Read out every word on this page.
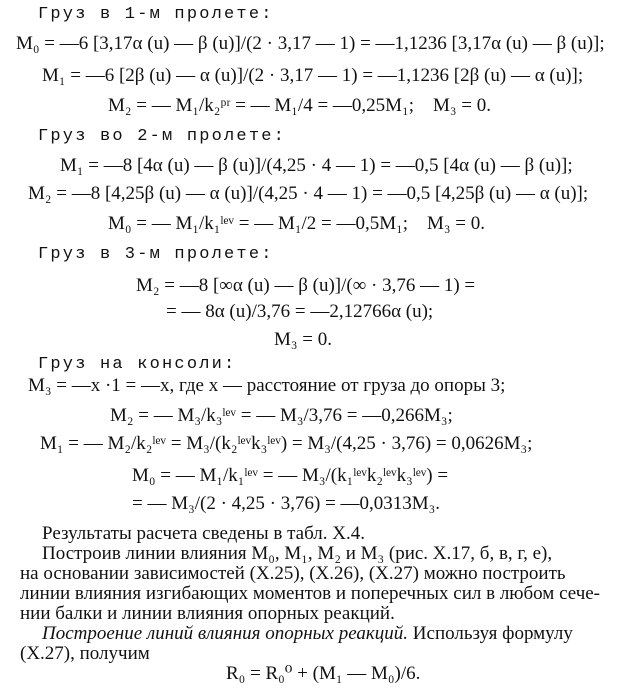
Груз в 1-м пролете:
M₀ = —6 [3,17α (u) — β (u)]/(2 · 3,17 — 1) = —1,1236 [3,17α (u) — β (u)];
M₁ = —6 [2β (u) — α (u)]/(2 · 3,17 — 1) = —1,1236 [2β (u) — α (u)];
M₂ = — M₁/k₂ᵖʳ = — M₁/4 = —0,25M₁;    M₃ = 0.
Груз во 2-м пролете:
M₁ = —8 [4α (u) — β (u)]/(4,25 · 4 — 1) = —0,5 [4α (u) — β (u)];
M₂ = —8 [4,25β (u) — α (u)]/(4,25 · 4 — 1) = —0,5 [4,25β (u) — α (u)];
M₀ = — M₁/k₁ˡᵉᵛ = — M₁/2 = —0,5M₁;    M₃ = 0.
Груз в 3-м пролете:
M₂ = —8 [∞α (u) — β (u)]/(∞ · 3,76 — 1) =
= — 8α (u)/3,76 = —2,12766α (u);
M₃ = 0.
Груз на консоли:
M₃ = —x ·1 = —x, где x — расстояние от груза до опоры 3;
M₂ = — M₃/k₃ˡᵉᵛ = — M₃/3,76 = —0,266M₃;
M₁ = — M₂/k₂ˡᵉᵛ = M₃/(k₂ˡᵉᵛk₃ˡᵉᵛ) = M₃/(4,25 · 3,76) = 0,0626M₃;
M₀ = — M₁/k₁ˡᵉᵛ = — M₃/(k₁ˡᵉᵛk₂ˡᵉᵛk₃ˡᵉᵛ) =
= — M₃/(2 · 4,25 · 3,76) = —0,0313M₃.
Результаты расчета сведены в табл. X.4.
Построив линии влияния M₀, M₁, M₂ и M₃ (рис. X.17, б, в, г, е),
на основании зависимостей (X.25), (X.26), (X.27) можно построить
линии влияния изгибающих моментов и поперечных сил в любом сече-
нии балки и линии влияния опорных реакций.
Построение линий влияния опорных реакций. Используя формулу
(X.27), получим
R₀ = R₀⁰ + (M₁ — M₀)/6.
